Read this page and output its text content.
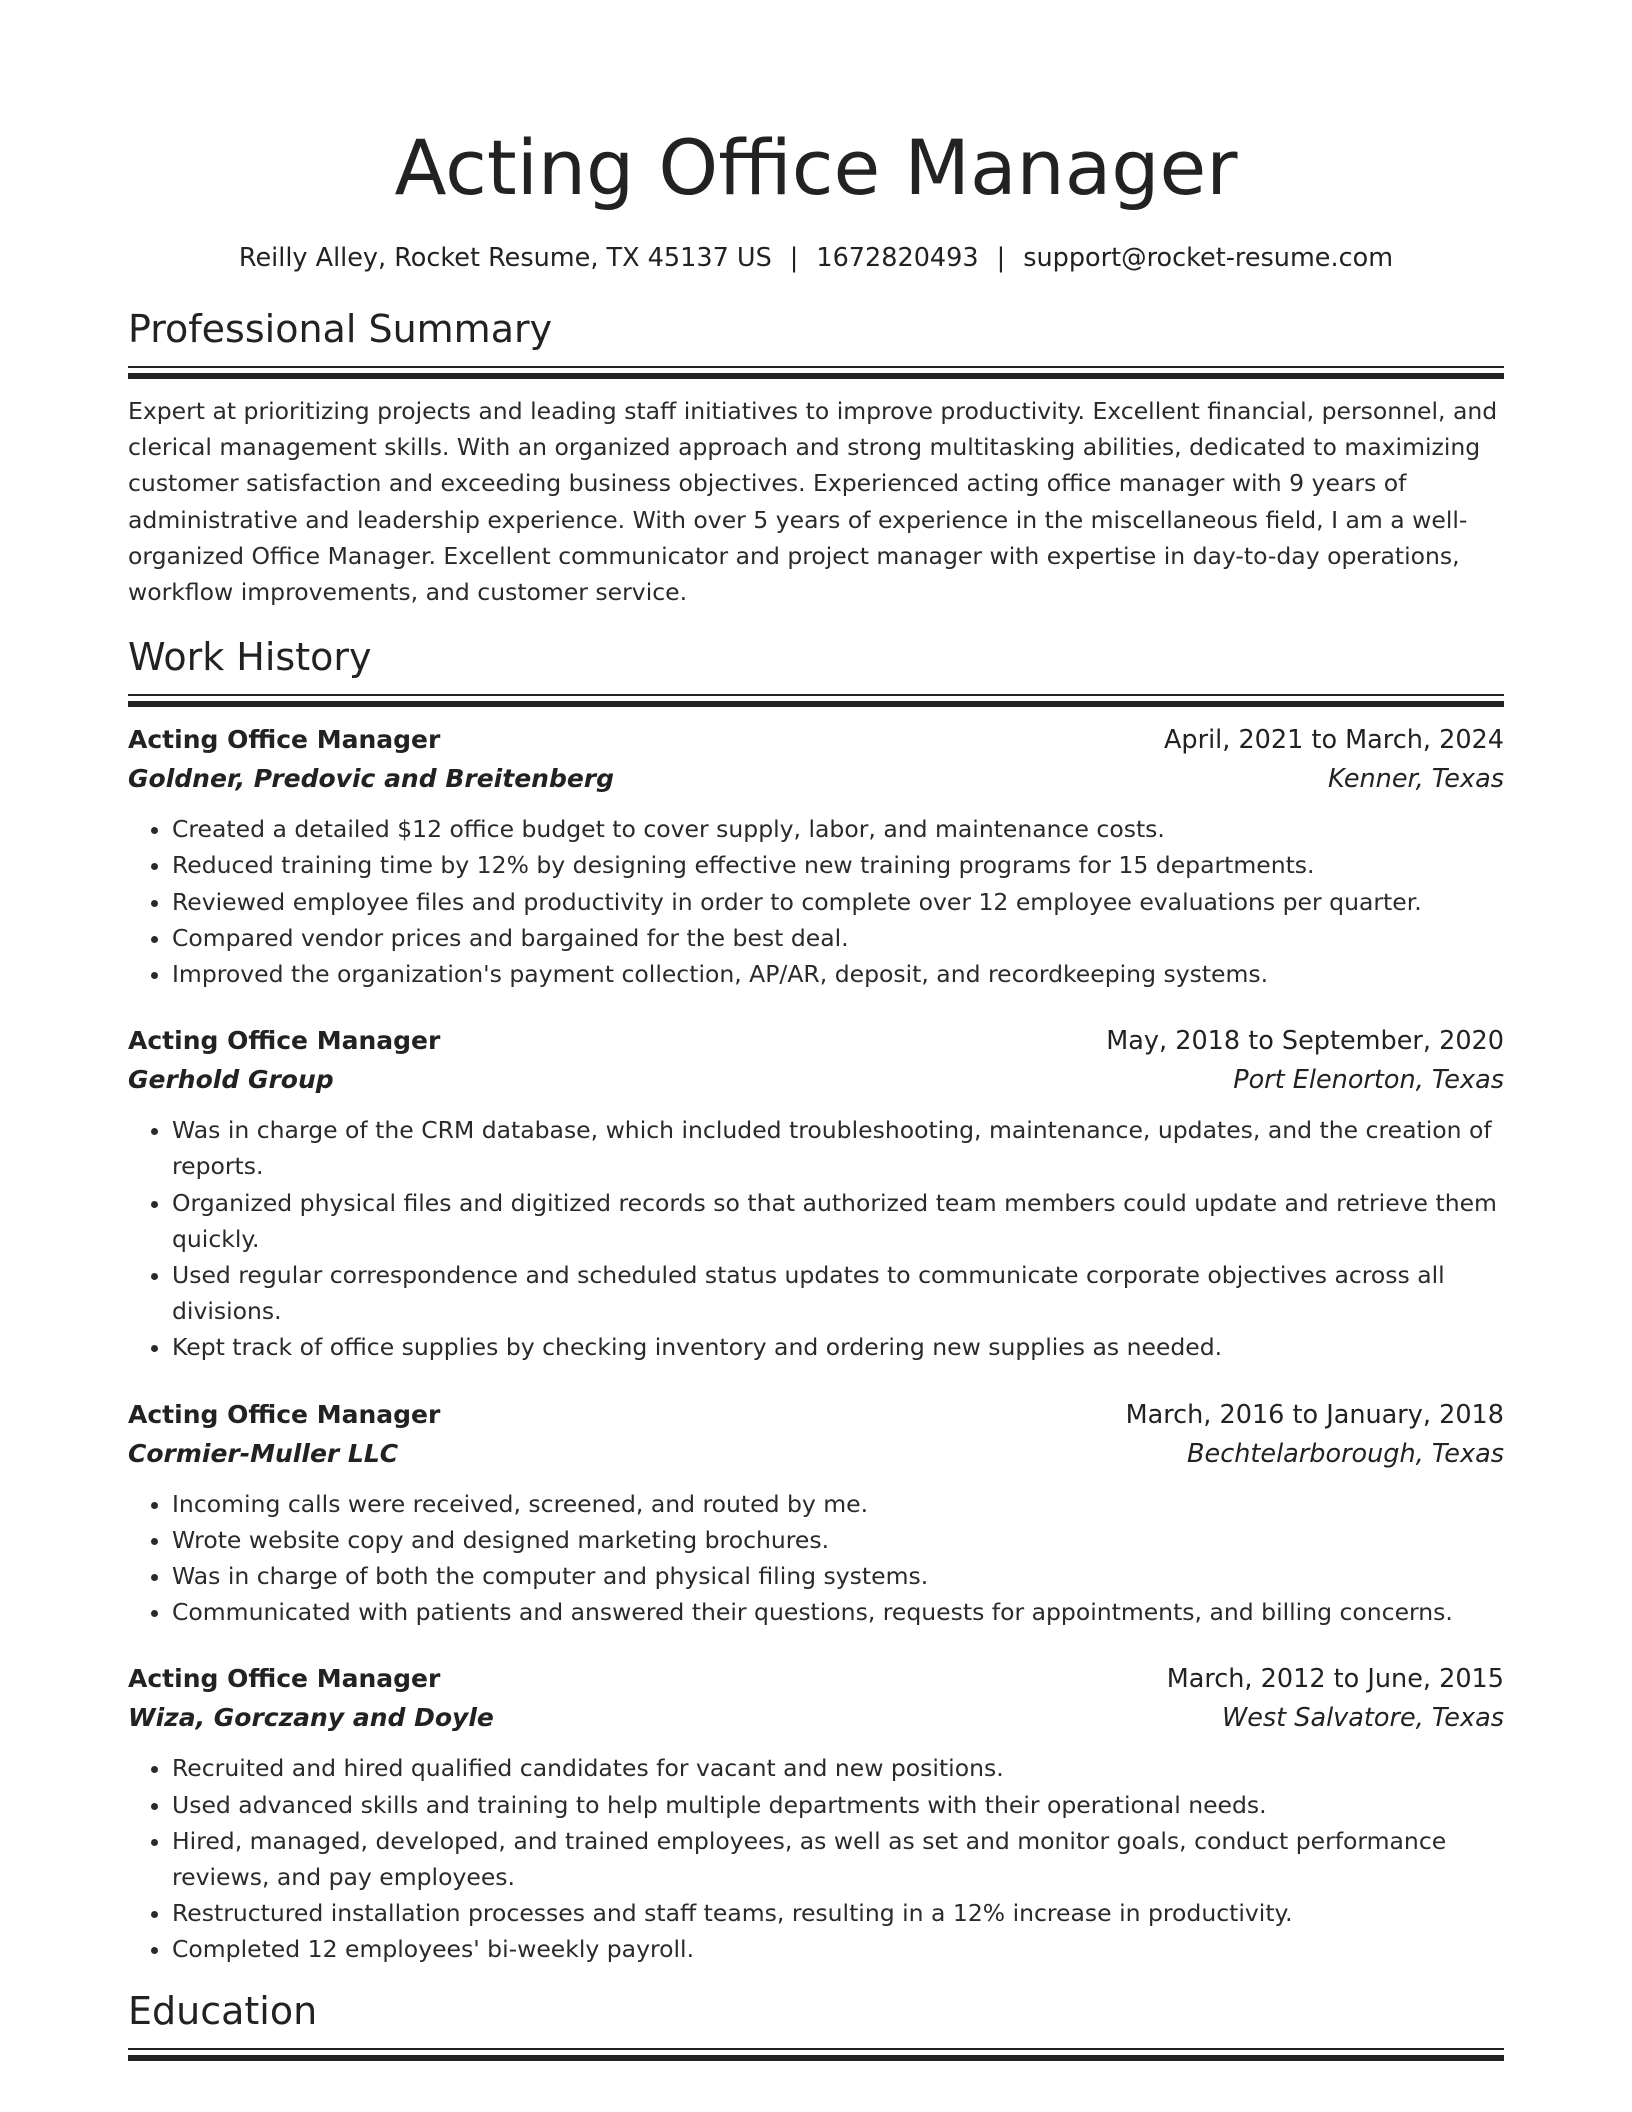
Acting Office Manager
Reilly Alley, Rocket Resume, TX 45137 US | 1672820493 | support@rocket-resume.com
Professional Summary

Expert at prioritizing projects and leading staff initiatives to improve productivity. Excellent financial, personnel, and clerical management skills. With an organized approach and strong multitasking abilities, dedicated to maximizing customer satisfaction and exceeding business objectives. Experienced acting office manager with 9 years of administrative and leadership experience. With over 5 years of experience in the miscellaneous field, I am a well-organized Office Manager. Excellent communicator and project manager with expertise in day-to-day operations, workflow improvements, and customer service.

Work History
Acting Office Manager	April, 2021 to March, 2024
Goldner, Predovic and Breitenberg	Kenner, Texas
• Created a detailed $12 office budget to cover supply, labor, and maintenance costs.
• Reduced training time by 12% by designing effective new training programs for 15 departments.
• Reviewed employee files and productivity in order to complete over 12 employee evaluations per quarter.
• Compared vendor prices and bargained for the best deal.
• Improved the organization's payment collection, AP/AR, deposit, and recordkeeping systems.
Acting Office Manager	May, 2018 to September, 2020
Gerhold Group	Port Elenorton, Texas
• Was in charge of the CRM database, which included troubleshooting, maintenance, updates, and the creation of reports.
• Organized physical files and digitized records so that authorized team members could update and retrieve them quickly.
• Used regular correspondence and scheduled status updates to communicate corporate objectives across all divisions.
• Kept track of office supplies by checking inventory and ordering new supplies as needed.
Acting Office Manager	March, 2016 to January, 2018
Cormier-Muller LLC	Bechtelarborough, Texas
• Incoming calls were received, screened, and routed by me.
• Wrote website copy and designed marketing brochures.
• Was in charge of both the computer and physical filing systems.
• Communicated with patients and answered their questions, requests for appointments, and billing concerns.
Acting Office Manager	March, 2012 to June, 2015
Wiza, Gorczany and Doyle	West Salvatore, Texas
• Recruited and hired qualified candidates for vacant and new positions.
• Used advanced skills and training to help multiple departments with their operational needs.
• Hired, managed, developed, and trained employees, as well as set and monitor goals, conduct performance reviews, and pay employees.
• Restructured installation processes and staff teams, resulting in a 12% increase in productivity.
• Completed 12 employees' bi-weekly payroll.
Education
